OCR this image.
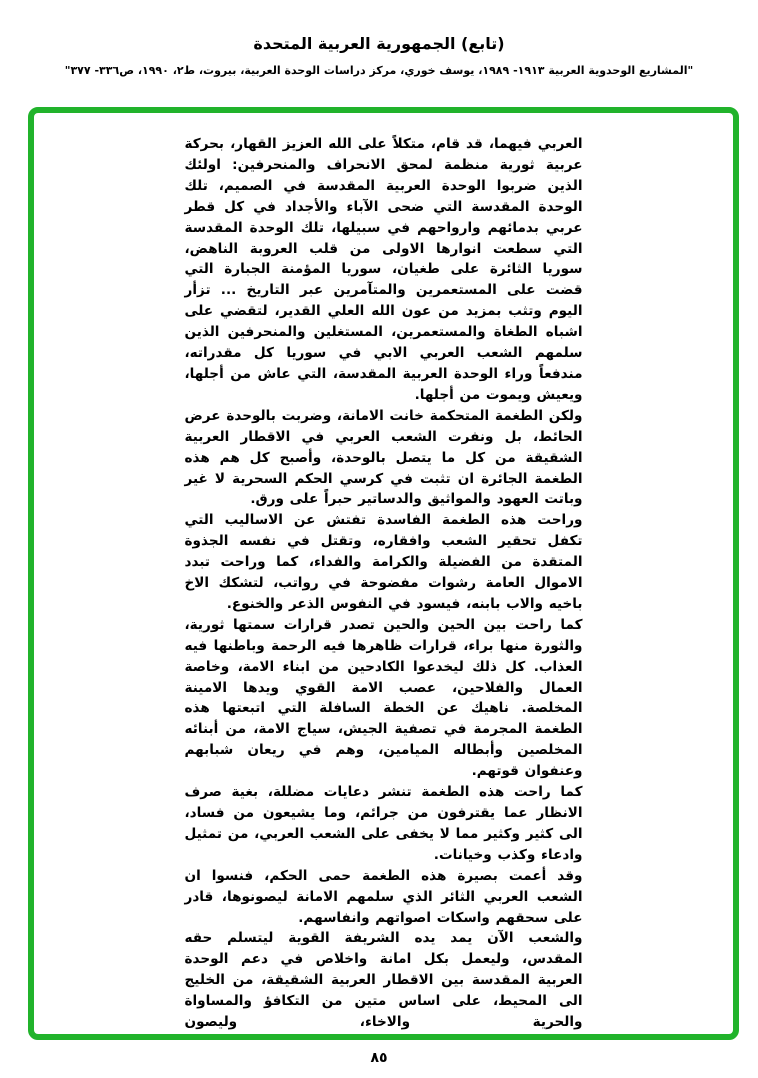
(تابع) الجمهورية العربية المتحدة
"المشاريع الوحدوية العربية ١٩١٣- ١٩٨٩، يوسف خوري، مركز دراسات الوحدة العربية، بيروت، ط٢، ١٩٩٠، ص٣٣٦- ٣٧٧"

العربي فيهما، قد قام، متكلاً على الله العزيز القهار، بحركة عربية ثورية منظمة لمحق الانحراف والمنحرفين: اولئك الذين ضربوا الوحدة العربية المقدسة في الصميم، تلك الوحدة المقدسة التي ضحى الآباء والأجداد في كل قطر عربي بدمائهم وارواحهم في سبيلها، تلك الوحدة المقدسة التي سطعت انوارها الاولى من قلب العروبة الناهض، سوريا الثائرة على طغيان، سوريا المؤمنة الجبارة التي قضت على المستعمرين والمتآمرين عبر التاريخ ... تزأر اليوم وتثب بمزيد من عون الله العلي القدير، لتقضي على اشباه الطغاة والمستعمرين، المستغلين والمنحرفين الذين سلمهم الشعب العربي الابي في سوريا كل مقدراته، مندفعاً وراء الوحدة العربية المقدسة، التي عاش من أجلها، ويعيش ويموت من أجلها.

ولكن الطغمة المتحكمة خانت الامانة، وضربت بالوحدة عرض الحائط، بل ونفرت الشعب العربي في الاقطار العربية الشقيقة من كل ما يتصل بالوحدة، وأصبح كل هم هذه الطغمة الجائرة ان تثبت في كرسي الحكم السحرية لا غير وباتت العهود والمواثيق والدساتير حبراً على ورق.

وراحت هذه الطغمة الفاسدة تفتش عن الاساليب التي تكفل تحقير الشعب وافقاره، وتقتل في نفسه الجذوة المتقدة من الفضيلة والكرامة والفداء، كما وراحت تبدد الاموال العامة رشوات مفضوحة في رواتب، لتشكك الاخ باخيه والاب بابنه، فيسود في النفوس الذعر والخنوع.

كما راحت بين الحين والحين تصدر قرارات سمتها ثورية، والثورة منها براء، قرارات ظاهرها فيه الرحمة وباطنها فيه العذاب. كل ذلك ليخدعوا الكادحين من ابناء الامة، وخاصة العمال والفلاحين، عصب الامة القوي ويدها الامينة المخلصة. ناهيك عن الخطة السافلة التي اتبعتها هذه الطغمة المجرمة في تصفية الجيش، سياج الامة، من أبنائه المخلصين وأبطاله الميامين، وهم في ريعان شبابهم وعنفوان قوتهم.

كما راحت هذه الطغمة تنشر دعايات مضللة، بغية صرف الانظار عما يقترفون من جرائم، وما يشيعون من فساد، الى كثير وكثير مما لا يخفى على الشعب العربي، من تمثيل وادعاء وكذب وخيانات.

وقد أعمت بصيرة هذه الطغمة حمى الحكم، فنسوا ان الشعب العربي الثائر الذي سلمهم الامانة ليصونوها، قادر على سحقهم واسكات اصواتهم وانفاسهم.

والشعب الآن يمد يده الشريفة القوية ليتسلم حقه المقدس، وليعمل بكل امانة واخلاص في دعم الوحدة العربية المقدسة بين الاقطار العربية الشقيقة، من الخليج الى المحيط، على اساس متين من التكافؤ والمساواة والحرية والاخاء، وليصون

٨٥
